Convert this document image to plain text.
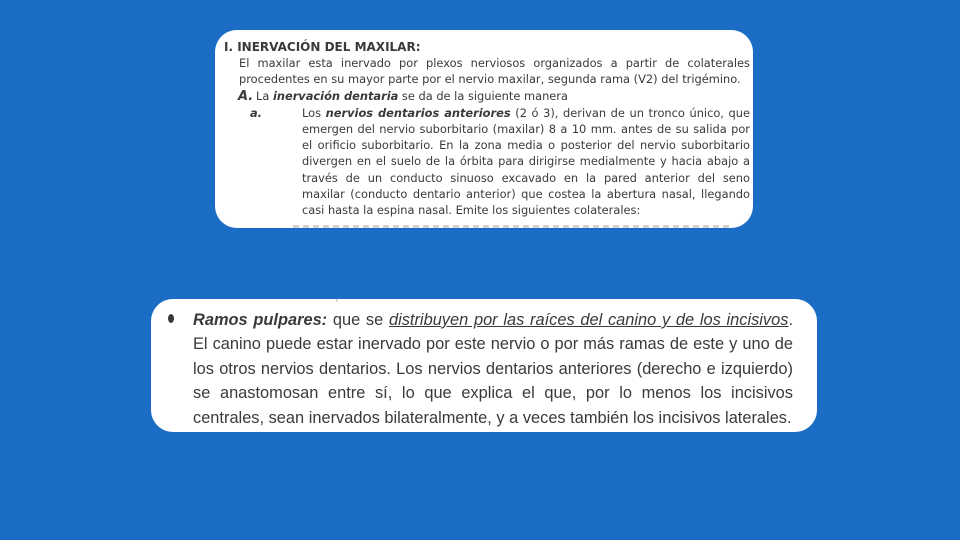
I. INERVACIÓN DEL MAXILAR:
El maxilar esta inervado por plexos nerviosos organizados a partir de colaterales procedentes en su mayor parte por el nervio maxilar, segunda rama (V2) del trigémino.
A. La inervación dentaria se da de la siguiente manera
a.	Los nervios dentarios anteriores (2 ó 3), derivan de un tronco único, que emergen del nervio suborbitario (maxilar) 8 a 10 mm. antes de su salida por el orificio suborbitario. En la zona media o posterior del nervio suborbitario divergen en el suelo de la órbita para dirigirse medialmente y hacia abajo a través de un conducto sinuoso excavado en la pared anterior del seno maxilar (conducto dentario anterior) que costea la abertura nasal, llegando casi hasta la espina nasal. Emite los siguientes colaterales:
Ramos pulpares: que se distribuyen por las raíces del canino y de los incisivos. El canino puede estar inervado por este nervio o por más ramas de este y uno de los otros nervios dentarios. Los nervios dentarios anteriores (derecho e izquierdo) se anastomosan entre sí, lo que explica el que, por lo menos los incisivos centrales, sean inervados bilateralmente, y a veces también los incisivos laterales.
